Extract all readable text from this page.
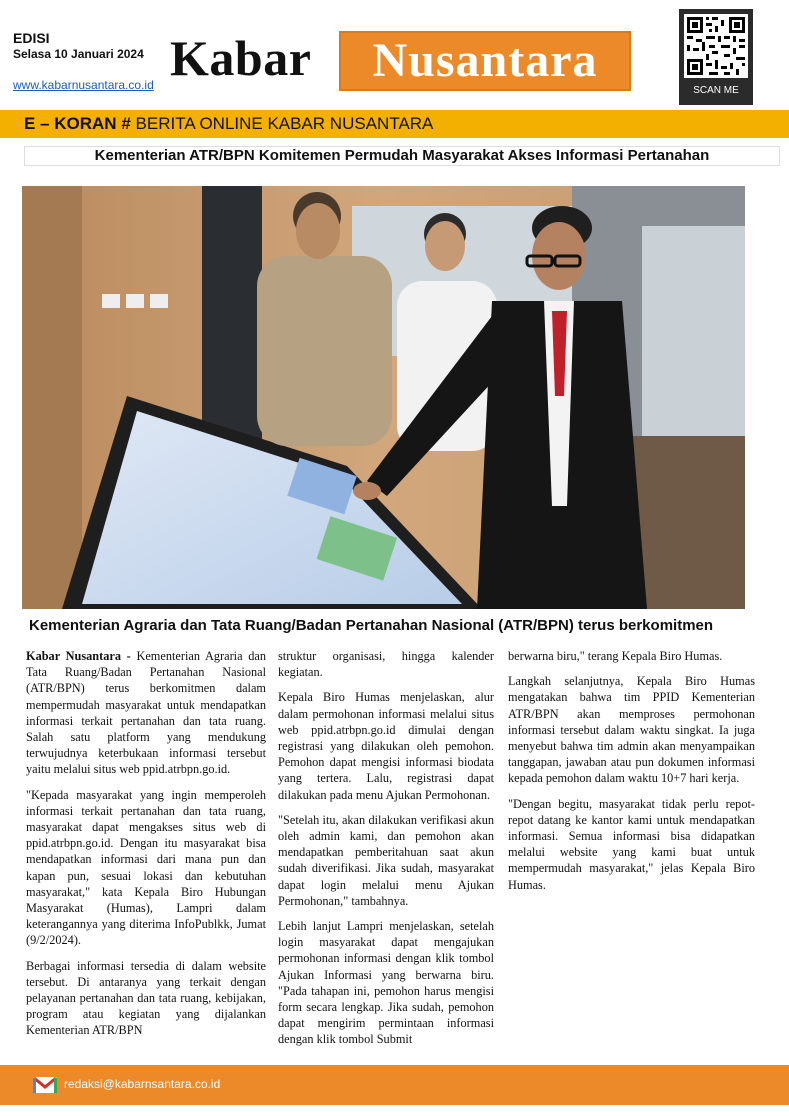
EDISI
Selasa 10 Januari 2024
www.kabarnusantara.co.id Kabar	Nusantara
SCAN ME
E – KORAN # BERITA ONLINE KABAR NUSANTARA
Kementerian ATR/BPN Komitemen Permudah Masyarakat Akses Informasi Pertanahan
Kementerian Agraria dan Tata Ruang/Badan Pertanahan Nasional (ATR/BPN) terus berkomitmen

Kabar Nusantara - Kementerian Agraria dan Tata Ruang/Badan Pertanahan Nasional (ATR/BPN) terus berkomitmen dalam mempermudah masyarakat untuk mendapatkan informasi terkait pertanahan dan tata ruang. Salah satu platform yang mendukung terwujudnya keterbukaan informasi tersebut yaitu melalui situs web ppid.atrbpn.go.id.

"Kepada masyarakat yang ingin memperoleh informasi terkait pertanahan dan tata ruang, masyarakat dapat mengakses situs web di ppid.atrbpn.go.id. Dengan itu masyarakat bisa mendapatkan informasi dari mana pun dan kapan pun, sesuai lokasi dan kebutuhan masyarakat," kata Kepala Biro Hubungan Masyarakat (Humas), Lampri dalam keterangannya yang diterima InfoPublkk, Jumat (9/2/2024).

Berbagai informasi tersedia di dalam website tersebut. Di antaranya yang terkait dengan pelayanan pertanahan dan tata ruang, kebijakan, program atau kegiatan yang dijalankan Kementerian ATR/BPN

struktur organisasi, hingga kalender kegiatan.

Kepala Biro Humas menjelaskan, alur dalam permohonan informasi melalui situs web ppid.atrbpn.go.id dimulai dengan registrasi yang dilakukan oleh pemohon. Pemohon dapat mengisi informasi biodata yang tertera. Lalu, registrasi dapat dilakukan pada menu Ajukan Permohonan.

"Setelah itu, akan dilakukan verifikasi akun oleh admin kami, dan pemohon akan mendapatkan pemberitahuan saat akun sudah diverifikasi. Jika sudah, masyarakat dapat login melalui menu Ajukan Permohonan," tambahnya.

Lebih lanjut Lampri menjelaskan, setelah login masyarakat dapat mengajukan permohonan informasi dengan klik tombol Ajukan Informasi yang berwarna biru. "Pada tahapan ini, pemohon harus mengisi form secara lengkap. Jika sudah, pemohon dapat mengirim permintaan informasi dengan klik tombol Submit

berwarna biru," terang Kepala Biro Humas.

Langkah selanjutnya, Kepala Biro Humas mengatakan bahwa tim PPID Kementerian ATR/BPN akan memproses permohonan informasi tersebut dalam waktu singkat. Ia juga menyebut bahwa tim admin akan menyampaikan tanggapan, jawaban atau pun dokumen informasi kepada pemohon dalam waktu 10+7 hari kerja.

"Dengan begitu, masyarakat tidak perlu repot-repot datang ke kantor kami untuk mendapatkan informasi. Semua informasi bisa didapatkan melalui website yang kami buat untuk mempermudah masyarakat," jelas Kepala Biro Humas.

redaksi@kabarnsantara.co.id
